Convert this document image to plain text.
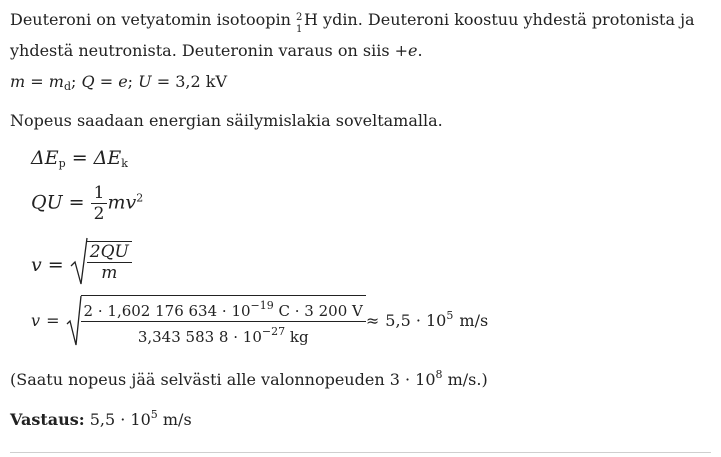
Deuteroni on vetyatomin isotoopin 2
1
H ydin. Deuteroni koostuu yhdestä protonista ja
yhdestä neutronista. Deuteronin varaus on siis +e.
$m = m_d$; Q = e; U = 3,2 kV
Nopeus saadaan energian säilymislakia soveltamalla.
$\Delta E_p = \Delta E_k$
QU = $\frac{1}{2} mv^2$
$v = \frac{2QU}{m}$
$v = \frac{2 \cdot 1,602 176 634 \cdot 10^{-19} C \cdot 3 200 V}{3,343 583 8 \cdot 10^{-27} kg} \approx 5,5 \cdot 10^5$ m/s
(Saatu nopeus jää selvästi alle valonnopeuden $3 \cdot 10^8$ m/s.)
Vastaus: $5,5 \cdot 10^5$ m/s
